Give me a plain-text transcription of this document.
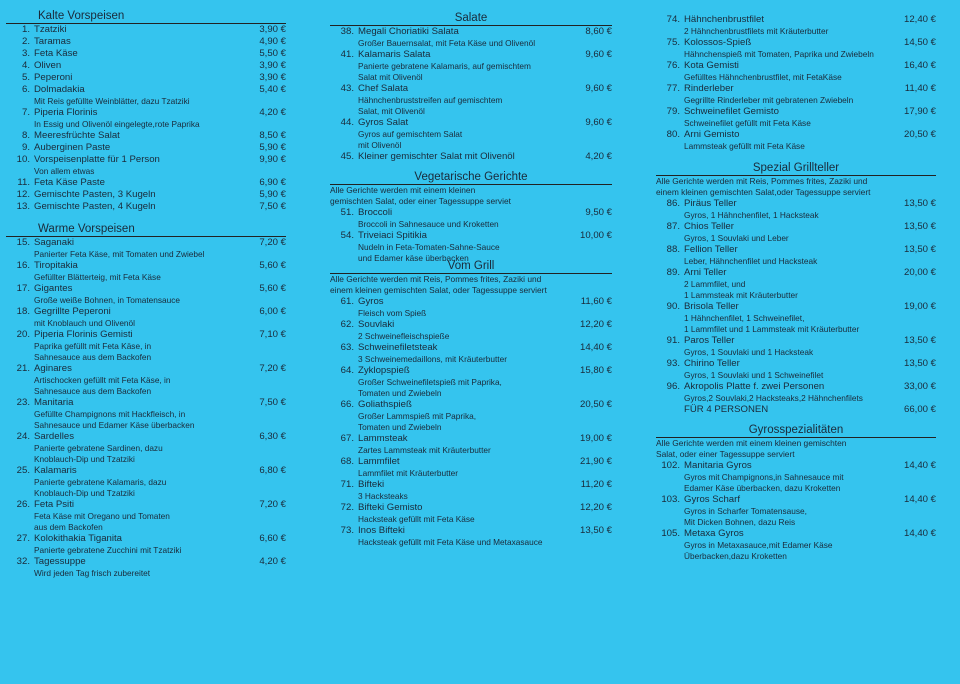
Kalte Vorspeisen
1. Tzatziki	3,90 €
2. Taramas	4,90 €
3. Feta Käse	5,50 €
4. Oliven	3,90 €
5. Peperoni	3,90 €
6. Dolmadakia	5,40 €
Mit Reis gefüllte Weinblätter, dazu Tzatziki
7. Piperia Florinis	4,20 €
In Essig und Olivenöl eingelegte,rote Paprika
8. Meeresfrüchte Salat	8,50 €
9. Auberginen Paste	5,90 €
10. Vorspeisenplatte für 1 Person	9,90 €
Von allem etwas
11. Feta Käse Paste	6,90 €
12. Gemischte Pasten, 3 Kugeln	5,90 €
13. Gemischte Pasten, 4 Kugeln	7,50 €
Warme Vorspeisen
15. Saganaki	7,20 €
Panierter Feta Käse, mit Tomaten und Zwiebel
16. Tiropitakia	5,60 €
Gefüllter Blätterteig, mit Feta Käse
17. Gigantes	5,60 €
Große weiße Bohnen, in Tomatensauce
18. Gegrillte Peperoni	6,00 €
mit Knoblauch und Olivenöl
20. Piperia Florinis Gemisti	7,10 €
Paprika gefüllt mit Feta Käse, in
Sahnesauce aus dem Backofen
21. Aginares	7,20 €
Artischocken gefüllt mit Feta Käse, in
Sahnesauce aus dem Backofen
23. Manitaria	7,50 €
Gefüllte Champignons mit Hackfleisch, in
Sahnesauce und Edamer Käse überbacken
24. Sardelles	6,30 €
Panierte gebratene Sardinen, dazu
Knoblauch-Dip und Tzatziki
25. Kalamaris	6,80 €
Panierte gebratene Kalamaris, dazu
Knoblauch-Dip und Tzatziki
26. Feta Psiti	7,20 €
Feta Käse mit Oregano und Tomaten
aus dem Backofen
27. Kolokithakia Tiganita	6,60 €
Panierte gebratene Zucchini mit Tzatziki
32. Tagessuppe	4,20 €
Wird jeden Tag frisch zubereitet
Salate
38. Megali Choriatiki Salata	8,60 €
Großer Bauernsalat, mit Feta Käse und Olivenöl
41. Kalamaris Salata	9,60 €
Panierte gebratene Kalamaris, auf gemischtem
Salat mit Olivenöl
43. Chef Salata	9,60 €
Hähnchenbruststreifen auf gemischtem
Salat, mit Olivenöl
44. Gyros Salat	9,60 €
Gyros auf gemischtem Salat
mit Olivenöl
45. Kleiner gemischter Salat mit Olivenöl	4,20 €
Vegetarische Gerichte
Alle Gerichte werden mit einem kleinen
gemischten Salat, oder einer Tagessuppe serviet
51. Broccoli	9,50 €
Broccoli in Sahnesauce und Kroketten
54. Triveiaci Spitikia	10,00 €
Nudeln in Feta-Tomaten-Sahne-Sauce
und Edamer käse überbacken
Vom Grill
Alle Gerichte werden mit Reis, Pommes frites, Zaziki und
einem kleinen gemischten Salat, oder Tagessuppe serviert
61. Gyros	11,60 €
Fleisch vom Spieß
62. Souvlaki	12,20 €
2 Schweinefleischspieße
63. Schweinefiletsteak	14,40 €
3 Schweinemedaillons, mit Kräuterbutter
64. Zyklopspieß	15,80 €
Großer Schweinefiletspieß mit Paprika,
Tomaten und Zwiebeln
66. Goliathspieß	20,50 €
Großer Lammspieß mit Paprika,
Tomaten und Zwiebeln
67. Lammsteak	19,00 €
Zartes Lammsteak mit Kräuterbutter
68. Lammfilet	21,90 €
Lammfilet mit Kräuterbutter
71. Bifteki	11,20 €
3 Hacksteaks
72. Bifteki Gemisto	12,20 €
Hacksteak gefüllt mit Feta Käse
73. Inos Bifteki	13,50 €
Hacksteak gefüllt mit Feta Käse und Metaxasauce
74. Hähnchenbrustfilet	12,40 €
2 Hähnchenbrustfilets mit Kräuterbutter
75. Kolossos-Spieß	14,50 €
Hähnchenspieß mit Tomaten, Paprika und Zwiebeln
76. Kota Gemisti	16,40 €
Gefülltes Hähnchenbrustfilet, mit FetaKäse
77. Rinderleber	11,40 €
Gegrillte Rinderleber mit gebratenen Zwiebeln
79. Schweinefilet Gemisto	17,90 €
Schweinefilet gefüllt mit Feta Käse
80. Arni Gemisto	20,50 €
Lammsteak gefüllt mit Feta Käse
Spezial Grillteller
Alle Gerichte werden mit Reis, Pommes frites, Zaziki und
einem kleinen gemischten Salat,oder Tagessuppe serviert
86. Piräus Teller	13,50 €
Gyros, 1 Hähnchenfilet, 1 Hacksteak
87. Chios Teller	13,50 €
Gyros, 1 Souvlaki und Leber
88. Fellion Teller	13,50 €
Leber, Hähnchenfilet und Hacksteak
89. Arni Teller	20,00 €
2 Lammfilet, und
1 Lammsteak mit Kräuterbutter
90. Brisola Teller	19,00 €
1 Hähnchenfilet, 1 Schweinefilet,
1 Lammfilet und 1 Lammsteak mit Kräuterbutter
91. Paros Teller	13,50 €
Gyros, 1 Souvlaki und 1 Hacksteak
93. Chirino Teller	13,50 €
Gyros, 1 Souvlaki und 1 Schweinefilet
96. Akropolis Platte f. zwei Personen	33,00 €
Gyros,2 Souvlaki,2 Hacksteaks,2 Hähnchenfilets
FÜR 4 PERSONEN	66,00 €
Gyrosspezialitäten
Alle Gerichte werden mit einem kleinen gemischten
Salat, oder einer Tagessuppe serviert
102. Manitaria Gyros	14,40 €
Gyros mit Champignons,in Sahnesauce mit
Edamer Käse überbacken, dazu Kroketten
103. Gyros Scharf	14,40 €
Gyros in Scharfer Tomatensause,
Mit Dicken Bohnen, dazu Reis
105. Metaxa Gyros	14,40 €
Gyros in Metaxasauce,mit Edamer Käse
Überbacken,dazu Kroketten
